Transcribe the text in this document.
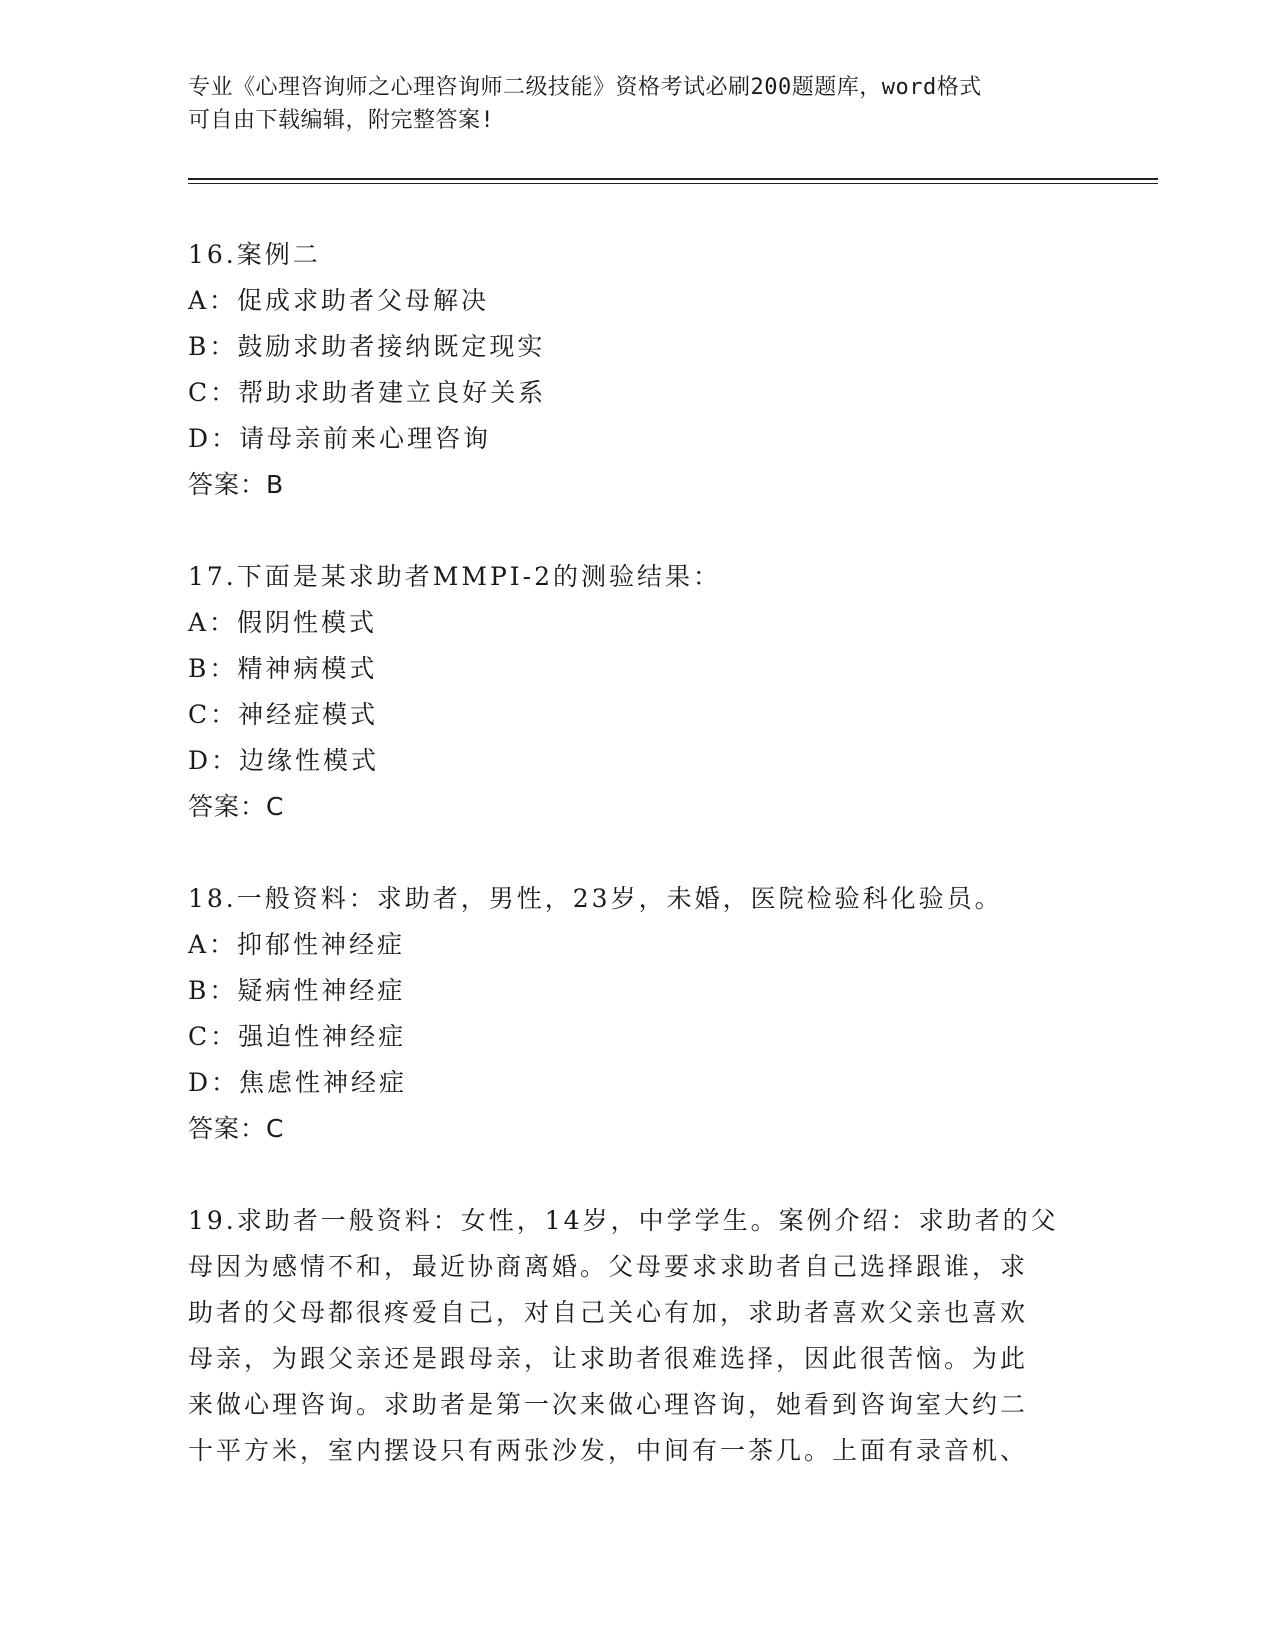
专业《心理咨询师之心理咨询师二级技能》资格考试必刷200题题库，word格式
可自由下载编辑，附完整答案!
16.案例二
A：促成求助者父母解决
B：鼓励求助者接纳既定现实
C：帮助求助者建立良好关系
D：请母亲前来心理咨询
答案：B
17.下面是某求助者MMPI-2的测验结果：
A：假阴性模式
B：精神病模式
C：神经症模式
D：边缘性模式
答案：C
18.一般资料：求助者，男性，23岁，未婚，医院检验科化验员。
A：抑郁性神经症
B：疑病性神经症
C：强迫性神经症
D：焦虑性神经症
答案：C
19.求助者一般资料：女性，14岁，中学学生。案例介绍：求助者的父
母因为感情不和，最近协商离婚。父母要求求助者自己选择跟谁，求
助者的父母都很疼爱自己，对自己关心有加，求助者喜欢父亲也喜欢
母亲，为跟父亲还是跟母亲，让求助者很难选择，因此很苦恼。为此
来做心理咨询。求助者是第一次来做心理咨询，她看到咨询室大约二
十平方米，室内摆设只有两张沙发，中间有一茶几。上面有录音机、
